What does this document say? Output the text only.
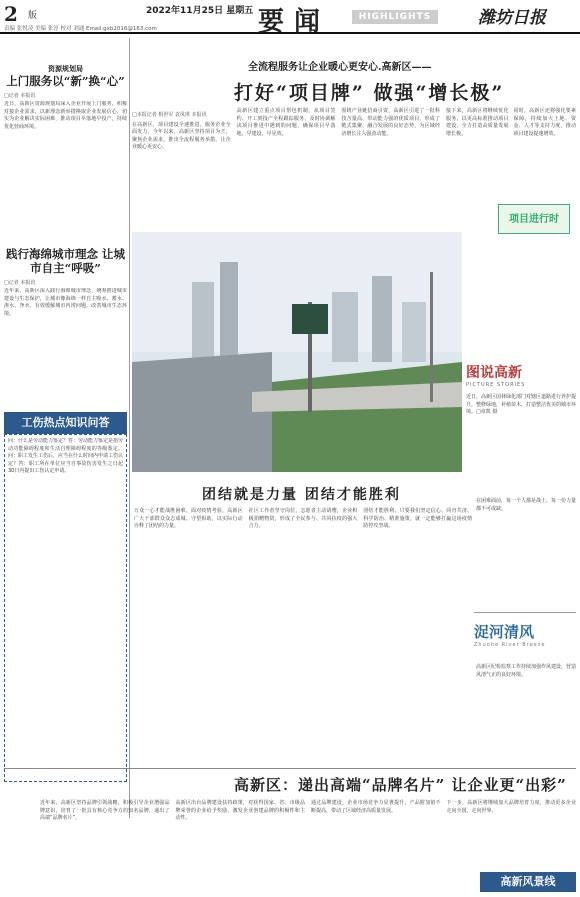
2 版	2022年11月25日 星期五
责编 张悦凌 美编 张淳 校对 刘通 Email:gxb2016@163.com	要闻	HIGHLIGHTS	潍坊日报
资源规划局
上门服务以“新”换“心”
□记者 本报讯
近日，高新区资源规划局深入企业开展上门服务，积极对接企业需求，以新理念新举措换取企业发展信心，切实为企业解决实际困难，推动项目早落地早投产，持续优化营商环境。
践行海绵城市理念 让城市自主“呼吸”
□记者 本报讯
近年来，高新区深入践行海绵城市理念，统筹推进城市建设与生态保护，让城市像海绵一样自主吸水、蓄水、渗水、净水，有效缓解城市内涝问题，改善城市生态环境。
工伤热点知识问答
问：什么是劳动能力鉴定？答：劳动能力鉴定是指劳动功能障碍程度和生活自理障碍程度的等级鉴定。问：职工发生工伤后，应当在什么时间内申请工伤认定？答：职工所在单位应当自事故伤害发生之日起30日内提出工伤认定申请。
全流程服务让企业暖心更安心.高新区——
打好“项目牌” 做强“增长极”
□本报记者 相世军 袁凤琪 本报讯
在高新区，项目建设全速推进，服务企业全面发力。今年以来，高新区坚持项目为王，聚焦企业需求，推出全流程服务举措，让企业暖心更安心。
高新区建立重点项目帮包机制，从项目签约、开工到投产全程跟踪服务，及时协调解决项目推进中遇到的问题，确保项目早落地、早建设、早见效。
围绕产业链招商引资，高新区引进了一批科技含量高、带动能力强的优质项目，形成了链式集聚、融合发展的良好态势，为区域经济增长注入强劲动能。
接下来，高新区将继续优化服务，以更高标准推动项目建设，全力打造高质量发展增长极。
同时，高新区还将强化要素保障，持续加大土地、资金、人才等支持力度，推动项目建设提速增效。
项目进行时
图说高新
PICTURE STORIES
近日，高新区园林绿化部门对辖区道路进行养护提升，整修绿地，补植苗木，打造整洁优美的城市环境。□章凯 摄
团结就是力量 团结才能胜利
万众一心才能战胜困难。面对疫情考验，高新区广大干部群众众志成城、守望相助，以实际行动诠释了团结的力量。
社区工作者坚守岗位，志愿者主动请缨，企业积极捐赠物资，形成了全民参与、共同抗疫的强大合力。
团结才能胜利。只要我们坚定信心、同舟共济、科学防治、精准施策，就一定能够打赢这场疫情防控攻坚战。
在困难面前，每一个人都是战士，每一份力量都不可或缺。
浞河清风
Zhuohe River Breeze
高新区纪检监察工作持续加强作风建设，营造风清气正的良好环境。
高新区：递出高端“品牌名片” 让企业更“出彩”
近年来，高新区坚持品牌引领战略，积极引导企业增强品牌意识，培育了一批具有核心竞争力的知名品牌，递出了高端“品牌名片”。
高新区出台品牌建设扶持政策，对获得国家、省、市级品牌荣誉的企业给予奖励，激发企业创建品牌的积极性和主动性。
通过品牌建设，企业市场竞争力显著提升，产品附加值不断提高，带动了区域经济高质量发展。
下一步，高新区将继续加大品牌培育力度，推动更多企业走向全国、走向世界。
高新风景线
